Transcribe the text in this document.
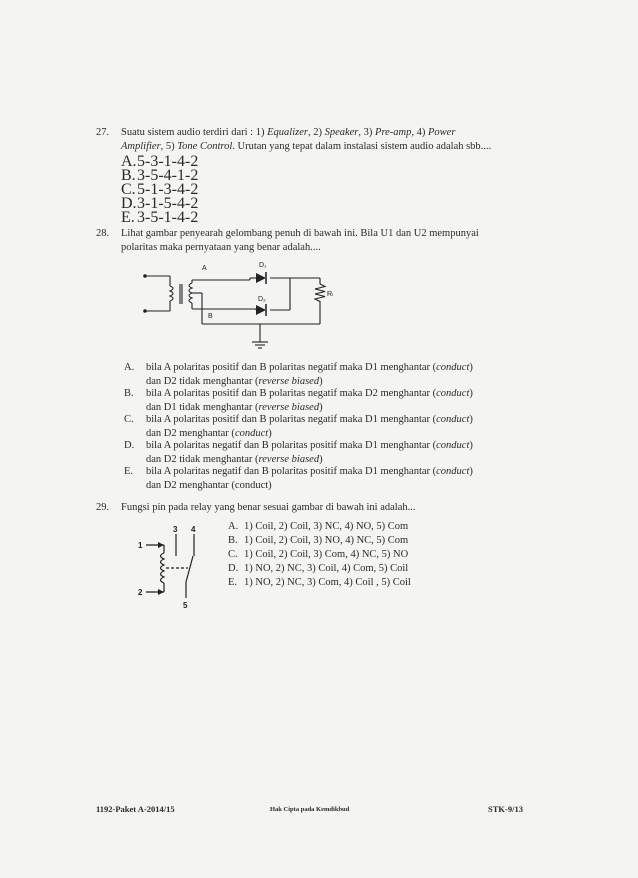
27. Suatu sistem audio terdiri dari : 1) Equalizer, 2) Speaker, 3) Pre-amp, 4) Power
Amplifier, 5) Tone Control. Urutan yang tepat dalam instalasi sistem audio adalah sbb....
A. 5-3-1-4-2
B. 3-5-4-1-2
C. 5-1-3-4-2
D. 3-1-5-4-2
E. 3-5-1-4-2
28. Lihat gambar penyearah gelombang penuh di bawah ini. Bila U1 dan U2 mempunyai
polaritas maka pernyataan yang benar adalah....
A
B
D₁
D₂
Rₗ
A. bila A polaritas positif dan B polaritas negatif maka D1 menghantar (conduct)
dan D2 tidak menghantar (reverse biased)
B. bila A polaritas positif dan B polaritas negatif maka D2 menghantar (conduct)
dan D1 tidak menghantar (reverse biased)
C. bila A polaritas positif dan B polaritas negatif maka D1 menghantar (conduct)
dan D2 menghantar (conduct)
D. bila A polaritas negatif dan B polaritas positif maka D1 menghantar (conduct)
dan D2 tidak menghantar (reverse biased)
E. bila A polaritas negatif dan B polaritas positif maka D1 menghantar (conduct)
dan D2 menghantar (conduct)
29. Fungsi pin pada relay yang benar sesuai gambar di bawah ini adalah...
3 4
1
2
5
A. 1) Coil, 2) Coil, 3) NC, 4) NO, 5) Com
B. 1) Coil, 2) Coil, 3) NO, 4) NC, 5) Com
C. 1) Coil, 2) Coil, 3) Com, 4) NC, 5) NO
D. 1) NO, 2) NC, 3) Coil, 4) Com, 5) Coil
E. 1) NO, 2) NC, 3) Com, 4) Coil , 5) Coil
1192-Paket A-2014/15	Hak Cipta pada Kemdikbud	STK-9/13
